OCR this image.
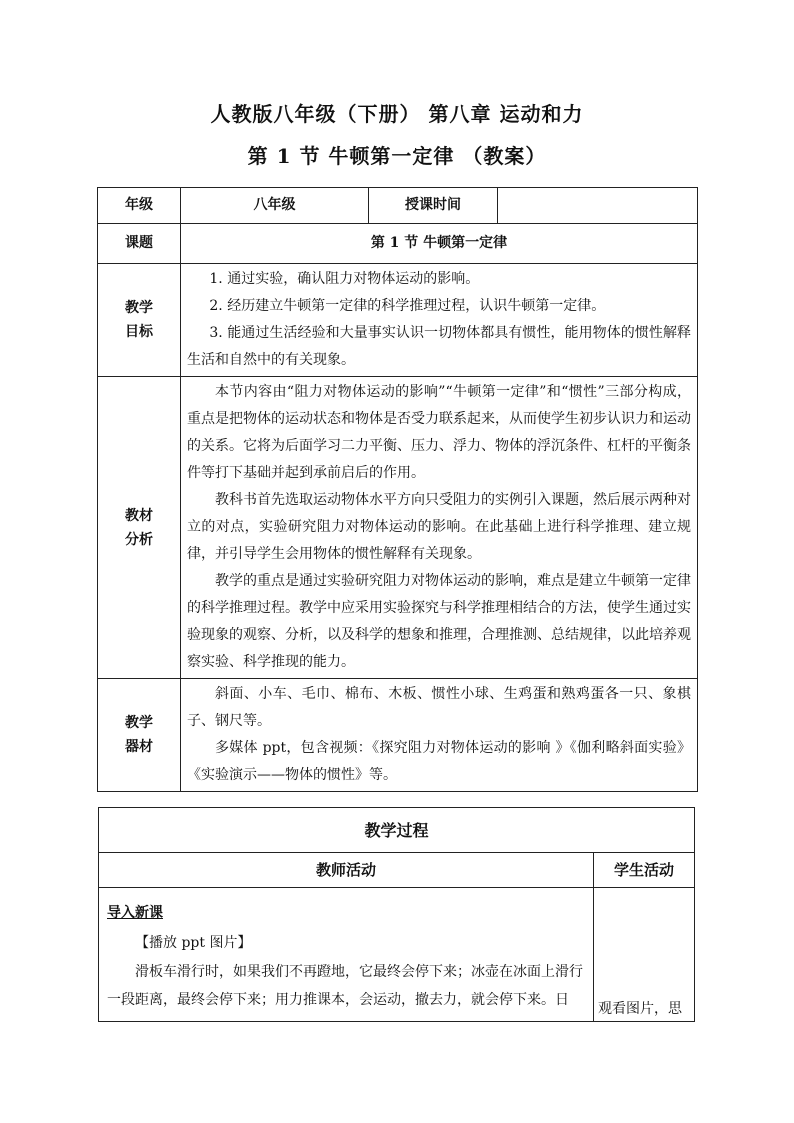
人教版八年级（下册） 第八章 运动和力
第 1 节 牛顿第一定律 （教案）
年级	八年级	授课时间	
课题	第 1 节 牛顿第一定律		

教学目标	1. 通过实验，确认阻力对物体运动的影响。

2. 经历建立牛顿第一定律的科学推理过程，认识牛顿第一定律。

3. 能通过生活经验和大量事实认识一切物体都具有惯性，能用物体的惯性解释生活和自然中的有关现象。		

教材分析	本节内容由“阻力对物体运动的影响”“牛顿第一定律”和“惯性”三部分构成，重点是把物体的运动状态和物体是否受力联系起来，从而使学生初步认识力和运动的关系。它将为后面学习二力平衡、压力、浮力、物体的浮沉条件、杠杆的平衡条件等打下基础并起到承前启后的作用。

教科书首先选取运动物体水平方向只受阻力的实例引入课题，然后展示两种对立的对点，实验研究阻力对物体运动的影响。在此基础上进行科学推理、建立规律，并引导学生会用物体的惯性解释有关现象。

教学的重点是通过实验研究阻力对物体运动的影响，难点是建立牛顿第一定律的科学推理过程。教学中应采用实验探究与科学推理相结合的方法，使学生通过实验现象的观察、分析，以及科学的想象和推理，合理推测、总结规律，以此培养观察实验、科学推现的能力。		

教学器材	斜面、小车、毛巾、棉布、木板、惯性小球、生鸡蛋和熟鸡蛋各一只、象棋子、钢尺等。

多媒体 ppt，包含视频：《探究阻力对物体运动的影响 》《伽利略斜面实验》《实验演示——物体的惯性》等。		

教学过程	
教师活动	学生活动

导入新课
【播放 ppt 图片】

滑板车滑行时，如果我们不再蹬地，它最终会停下来；冰壶在冰面上滑行一段距离，最终会停下来；用力推课本，会运动，撤去力，就会停下来。日	观看图片，思
